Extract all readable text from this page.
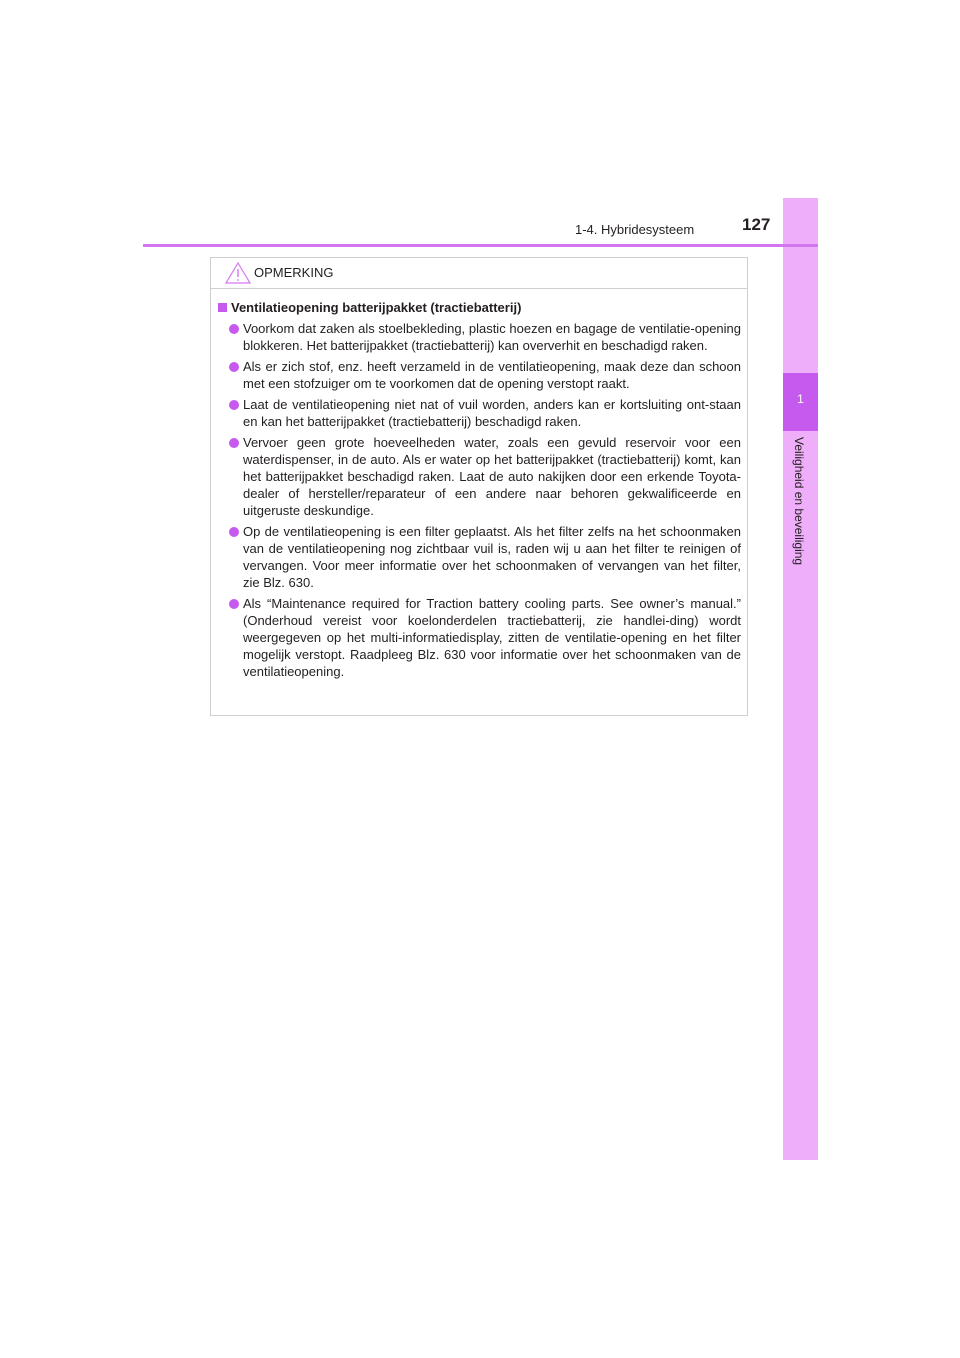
1
Veiligheid en beveiliging
1-4. Hybridesysteem	127
OPMERKING
Ventilatieopening batterijpakket (tractiebatterij)
Voorkom dat zaken als stoelbekleding, plastic hoezen en bagage de ventilatie-opening blokkeren. Het batterijpakket (tractiebatterij) kan oververhit en beschadigd raken.
Als er zich stof, enz. heeft verzameld in de ventilatieopening, maak deze dan schoon met een stofzuiger om te voorkomen dat de opening verstopt raakt.
Laat de ventilatieopening niet nat of vuil worden, anders kan er kortsluiting ont-staan en kan het batterijpakket (tractiebatterij) beschadigd raken.
Vervoer geen grote hoeveelheden water, zoals een gevuld reservoir voor een waterdispenser, in de auto. Als er water op het batterijpakket (tractiebatterij) komt, kan het batterijpakket beschadigd raken. Laat de auto nakijken door een erkende Toyota-dealer of hersteller/reparateur of een andere naar behoren gekwalificeerde en uitgeruste deskundige.
Op de ventilatieopening is een filter geplaatst. Als het filter zelfs na het schoonmaken van de ventilatieopening nog zichtbaar vuil is, raden wij u aan het filter te reinigen of vervangen. Voor meer informatie over het schoonmaken of vervangen van het filter, zie Blz. 630.
Als “Maintenance required for Traction battery cooling parts. See owner’s manual.” (Onderhoud vereist voor koelonderdelen tractiebatterij, zie handlei-ding) wordt weergegeven op het multi-informatiedisplay, zitten de ventilatie-opening en het filter mogelijk verstopt. Raadpleeg Blz. 630 voor informatie over het schoonmaken van de ventilatieopening.
